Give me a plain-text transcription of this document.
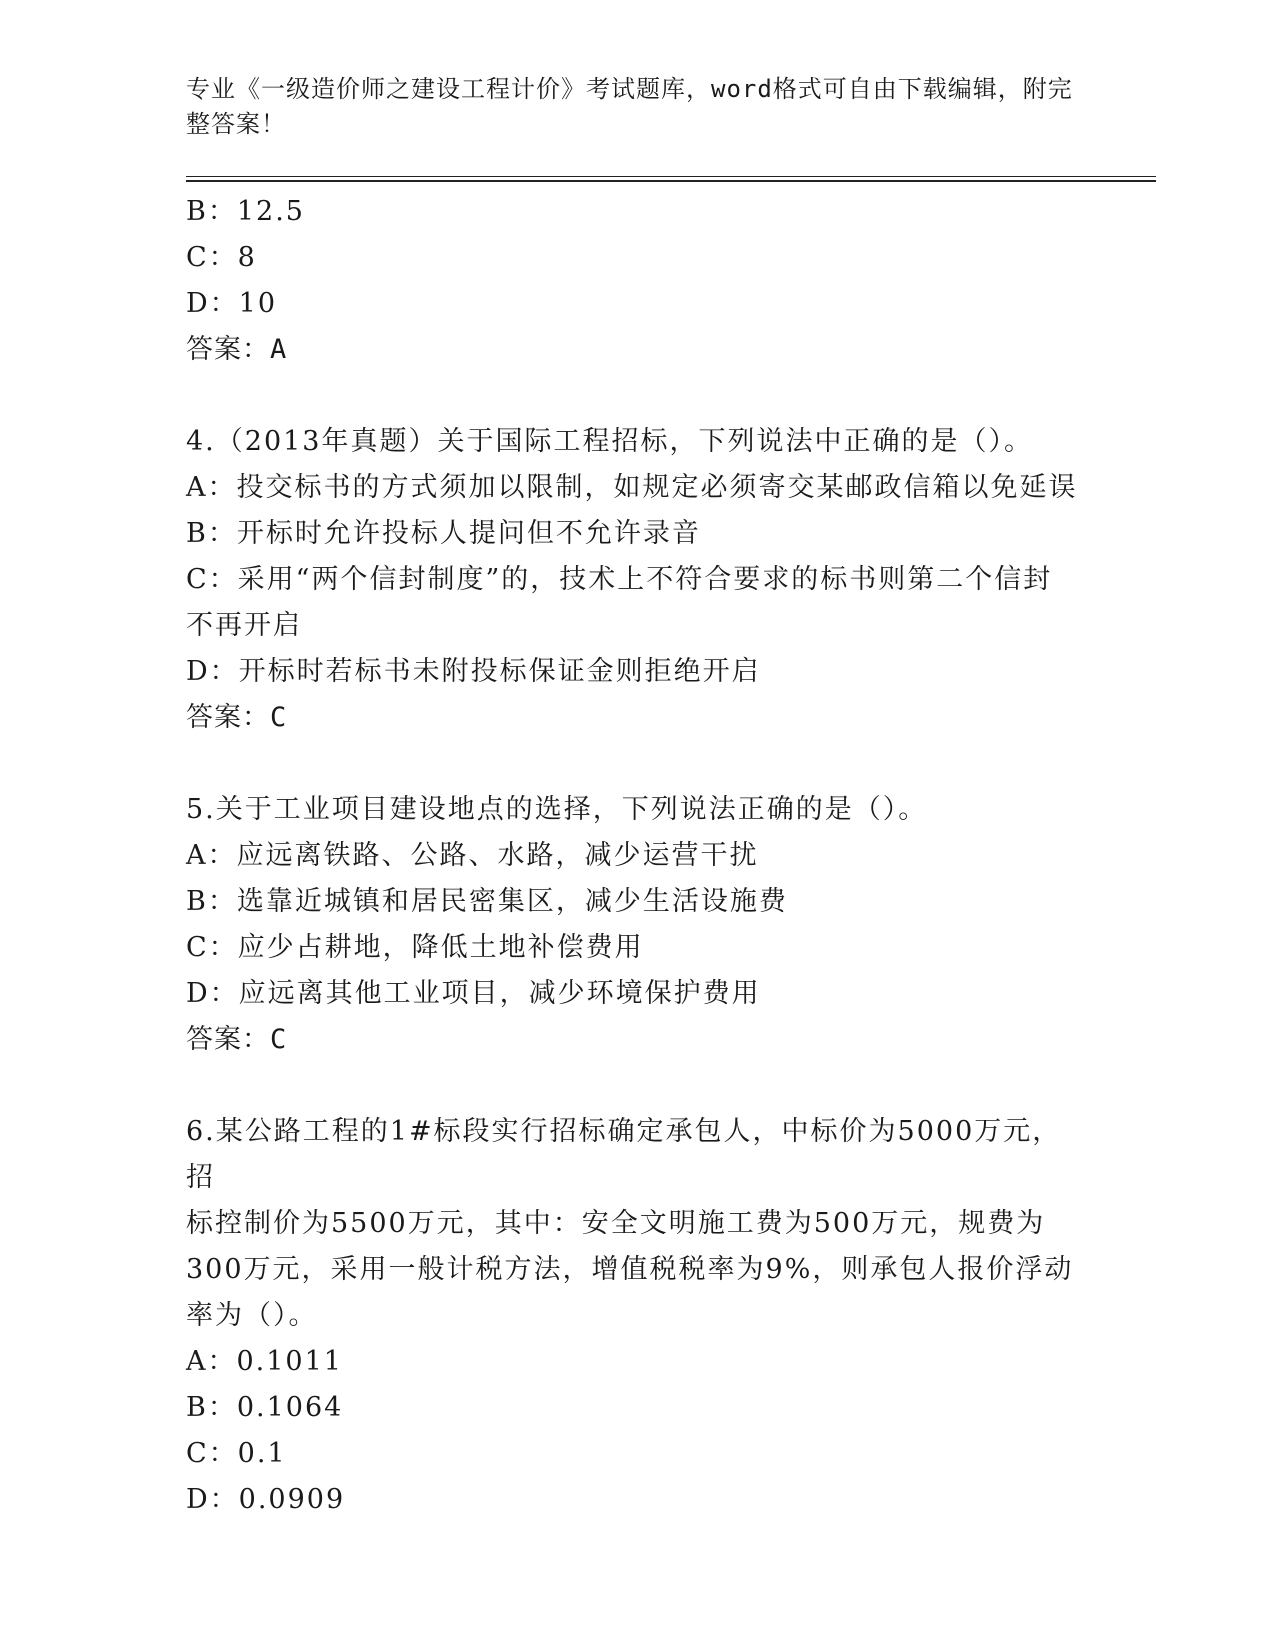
专业《一级造价师之建设工程计价》考试题库，word格式可自由下载编辑，附完
整答案！
B：12.5
C：8
D：10
答案：A
4.（2013年真题）关于国际工程招标，下列说法中正确的是（）。
A：投交标书的方式须加以限制，如规定必须寄交某邮政信箱以免延误
B：开标时允许投标人提问但不允许录音
C：采用“两个信封制度”的，技术上不符合要求的标书则第二个信封
不再开启
D：开标时若标书未附投标保证金则拒绝开启
答案：C
5.关于工业项目建设地点的选择，下列说法正确的是（）。
A：应远离铁路、公路、水路，减少运营干扰
B：选靠近城镇和居民密集区，减少生活设施费
C：应少占耕地，降低土地补偿费用
D：应远离其他工业项目，减少环境保护费用
答案：C
6.某公路工程的1#标段实行招标确定承包人，中标价为5000万元，招
标控制价为5500万元，其中：安全文明施工费为500万元，规费为
300万元，采用一般计税方法，增值税税率为9%，则承包人报价浮动
率为（）。
A：0.1011
B：0.1064
C：0.1
D：0.0909
